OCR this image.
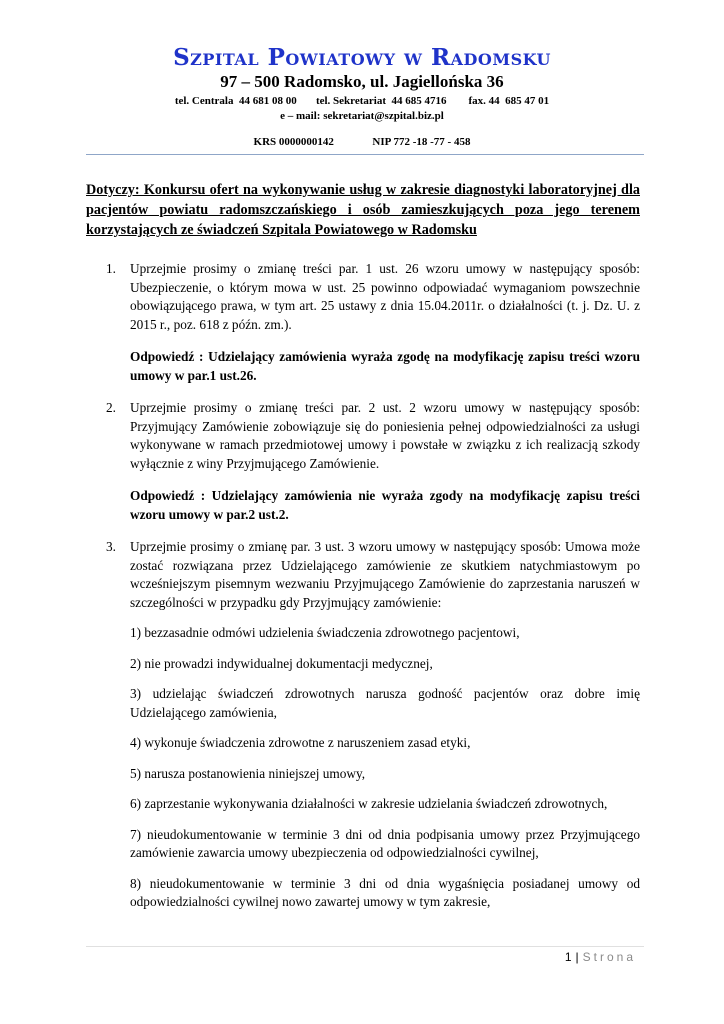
Szpital Powiatowy w Radomsku
97 – 500 Radomsko, ul. Jagiellońska 36
tel. Centrala  44 681 08 00       tel. Sekretariat  44 685 4716        fax. 44  685 47 01
e – mail: sekretariat@szpital.biz.pl
KRS 0000000142              NIP 772 -18 -77 - 458
Dotyczy: Konkursu ofert na wykonywanie usług w zakresie diagnostyki laboratoryjnej dla pacjentów powiatu radomszczańskiego i osób zamieszkujących poza jego terenem korzystających ze świadczeń Szpitala Powiatowego w Radomsku
1. Uprzejmie prosimy o zmianę treści par. 1 ust. 26 wzoru umowy w następujący sposób: Ubezpieczenie, o którym mowa w ust. 25 powinno odpowiadać wymaganiom powszechnie obowiązującego prawa, w tym art. 25 ustawy z dnia 15.04.2011r. o działalności (t. j. Dz. U. z 2015 r., poz. 618 z późn. zm.).

Odpowiedź : Udzielający zamówienia wyraża zgodę na modyfikację zapisu treści wzoru umowy w par.1 ust.26.

2. Uprzejmie prosimy o zmianę treści par. 2 ust. 2 wzoru umowy w następujący sposób: Przyjmujący Zamówienie zobowiązuje się do poniesienia pełnej odpowiedzialności za usługi wykonywane w ramach przedmiotowej umowy i powstałe w związku z ich realizacją szkody wyłącznie z winy Przyjmującego Zamówienie.

Odpowiedź : Udzielający zamówienia nie wyraża zgody na modyfikację zapisu treści wzoru umowy w par.2 ust.2.

3. Uprzejmie prosimy o zmianę par. 3 ust. 3 wzoru umowy w następujący sposób: Umowa może zostać rozwiązana przez Udzielającego zamówienie ze skutkiem natychmiastowym po wcześniejszym pisemnym wezwaniu Przyjmującego Zamówienie do zaprzestania naruszeń w szczególności w przypadku gdy Przyjmujący zamówienie:

1) bezzasadnie odmówi udzielenia świadczenia zdrowotnego pacjentowi,

2) nie prowadzi indywidualnej dokumentacji medycznej,

3) udzielając świadczeń zdrowotnych narusza godność pacjentów oraz dobre imię Udzielającego zamówienia,

4) wykonuje świadczenia zdrowotne z naruszeniem zasad etyki,

5) narusza postanowienia niniejszej umowy,

6) zaprzestanie wykonywania działalności w zakresie udzielania świadczeń zdrowotnych,

7) nieudokumentowanie w terminie 3 dni od dnia podpisania umowy przez Przyjmującego zamówienie zawarcia umowy ubezpieczenia od odpowiedzialności cywilnej,

8) nieudokumentowanie w terminie 3 dni od dnia wygaśnięcia posiadanej umowy od odpowiedzialności cywilnej nowo zawartej umowy w tym zakresie,

1 | Strona
